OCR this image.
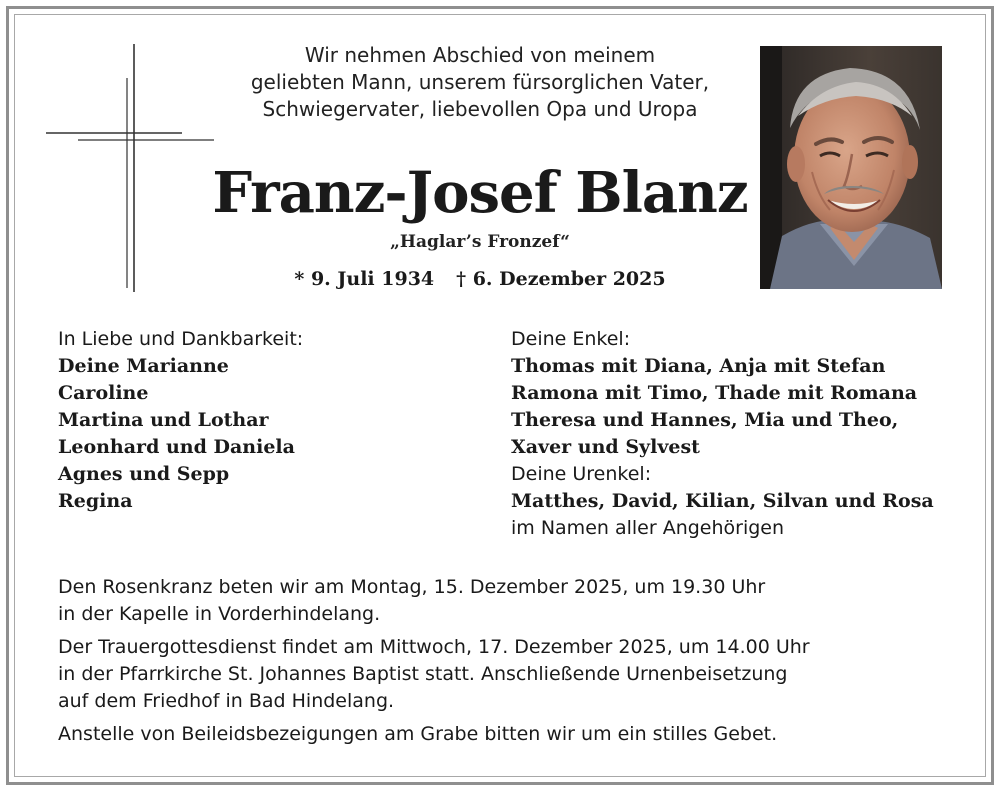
Wir nehmen Abschied von meinem
geliebten Mann, unserem fürsorglichen Vater,
Schwiegervater, liebevollen Opa und Uropa
Franz-Josef Blanz
„Haglar’s Fronzef“
* 9. Juli 1934 † 6. Dezember 2025
In Liebe und Dankbarkeit:
Deine Marianne
Caroline
Martina und Lothar
Leonhard und Daniela
Agnes und Sepp
Regina
Deine Enkel:
Thomas mit Diana, Anja mit Stefan
Ramona mit Timo, Thade mit Romana
Theresa und Hannes, Mia und Theo,
Xaver und Sylvest
Deine Urenkel:
Matthes, David, Kilian, Silvan und Rosa
im Namen aller Angehörigen
Den Rosenkranz beten wir am Montag, 15. Dezember 2025, um 19.30 Uhr
in der Kapelle in Vorderhindelang.
Der Trauergottesdienst findet am Mittwoch, 17. Dezember 2025, um 14.00 Uhr
in der Pfarrkirche St. Johannes Baptist statt. Anschließende Urnenbeisetzung
auf dem Friedhof in Bad Hindelang.
Anstelle von Beileidsbezeigungen am Grabe bitten wir um ein stilles Gebet.
